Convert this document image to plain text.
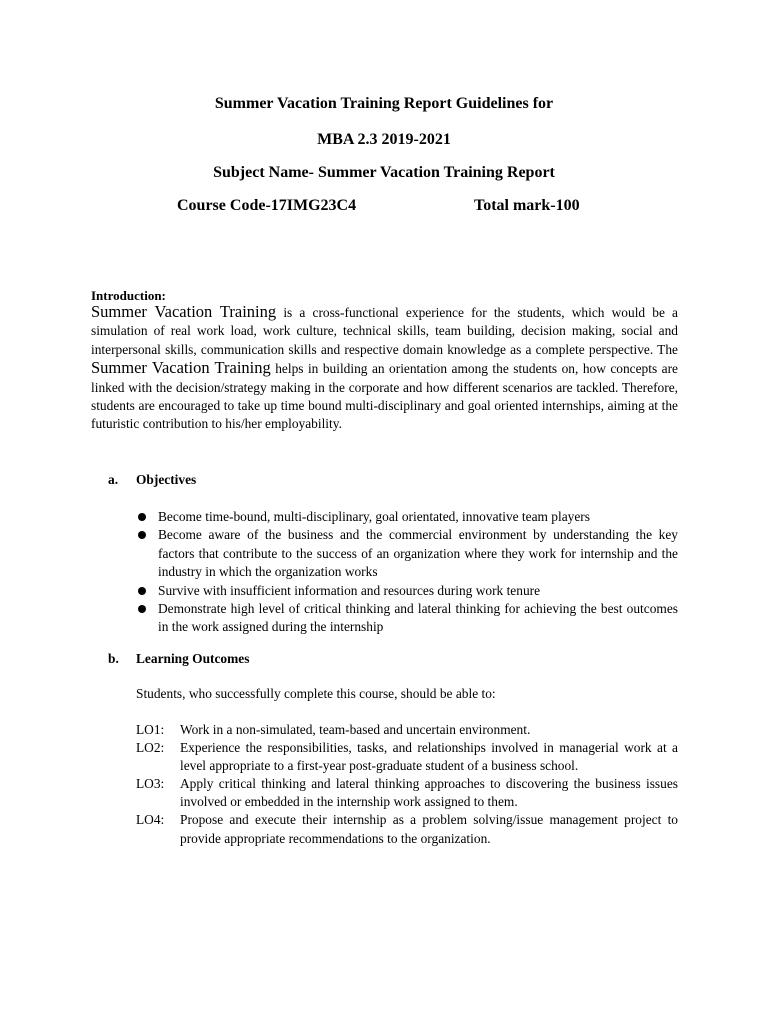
Summer Vacation Training Report Guidelines for
MBA 2.3 2019-2021
Subject Name- Summer Vacation Training Report
Course Code-17IMG23C4	Total mark-100
Introduction:

Summer Vacation Training is a cross-functional experience for the students, which would be a simulation of real work load, work culture, technical skills, team building, decision making, social and interpersonal skills, communication skills and respective domain knowledge as a complete perspective. The Summer Vacation Training helps in building an orientation among the students on, how concepts are linked with the decision/strategy making in the corporate and how different scenarios are tackled. Therefore, students are encouraged to take up time bound multi-disciplinary and goal oriented internships, aiming at the futuristic contribution to his/her employability.

a. Objectives
Become time-bound, multi-disciplinary, goal orientated, innovative team players
Become aware of the business and the commercial environment by understanding the key factors that contribute to the success of an organization where they work for internship and the industry in which the organization works
Survive with insufficient information and resources during work tenure
Demonstrate high level of critical thinking and lateral thinking for achieving the best outcomes in the work assigned during the internship
b. Learning Outcomes
Students, who successfully complete this course, should be able to:
LO1:	Work in a non-simulated, team-based and uncertain environment.
LO2:	Experience the responsibilities, tasks, and relationships involved in managerial work at a level appropriate to a first-year post-graduate student of a business school.
LO3:	Apply critical thinking and lateral thinking approaches to discovering the business issues involved or embedded in the internship work assigned to them.
LO4:	Propose and execute their internship as a problem solving/issue management project to provide appropriate recommendations to the organization.
